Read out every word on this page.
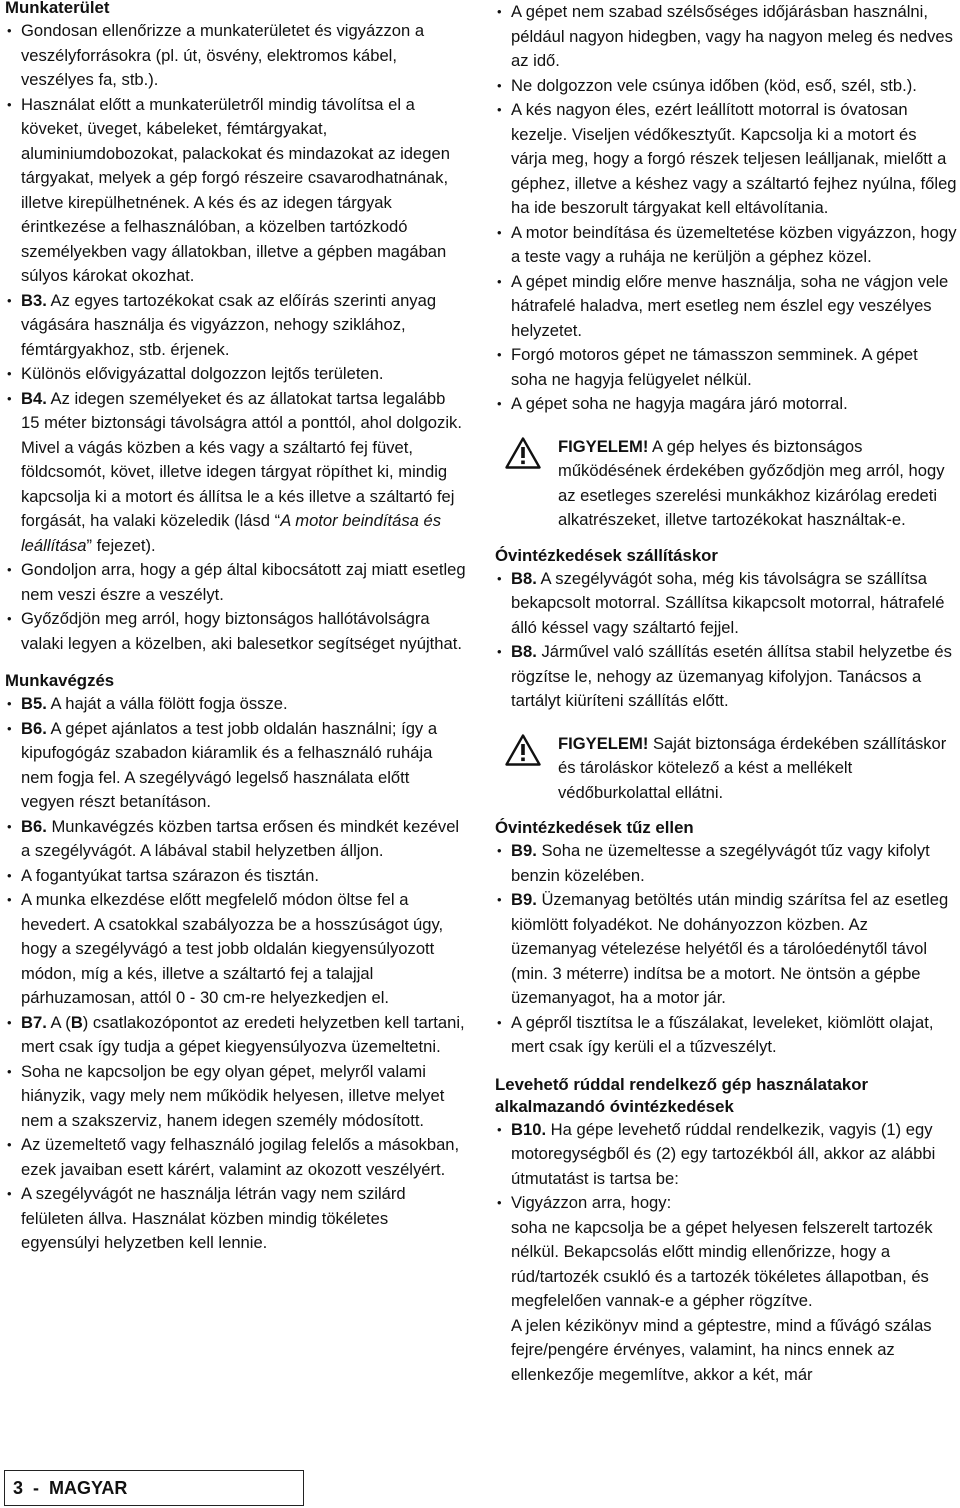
Munkaterület
• Gondosan ellenőrizze a munkaterületet és vigyázzon a veszélyforrásokra (pl. út, ösvény, elektromos kábel, veszélyes fa, stb.).
• Használat előtt a munkaterületről mindig távolítsa el a köveket, üveget, kábeleket, fémtárgyakat, aluminiumdobozokat, palackokat és mindazokat az idegen tárgyakat, melyek a gép forgó részeire csavarodhatnának, illetve kirepülhetnének. A kés és az idegen tárgyak érintkezése a felhasználóban, a közelben tartózkodó személyekben vagy állatokban, illetve a gépben magában súlyos károkat okozhat.
• B3. Az egyes tartozékokat csak az előírás szerinti anyag vágására használja és vigyázzon, nehogy sziklához, fémtárgyakhoz, stb. érjenek.
• Különös elővigyázattal dolgozzon lejtős területen.
• B4. Az idegen személyeket és az állatokat tartsa legalább 15 méter biztonsági távolságra attól a ponttól, ahol dolgozik. Mivel a vágás közben a kés vagy a száltartó fej füvet, földcsomót, követ, illetve idegen tárgyat röpíthet ki, mindig kapcsolja ki a motort és állítsa le a kés illetve a száltartó fej forgását, ha valaki közeledik (lásd “A motor beindítása és leállítása” fejezet).
• Gondoljon arra, hogy a gép által kibocsátott zaj miatt esetleg nem veszi észre a veszélyt.
• Győződjön meg arról, hogy biztonságos hallótávolságra valaki legyen a közelben, aki balesetkor segítséget nyújthat.
Munkavégzés
• B5. A haját a válla fölött fogja össze.
• B6. A gépet ajánlatos a test jobb oldalán használni; így a kipufogógáz szabadon kiáramlik és a felhasználó ruhája nem fogja fel. A szegélyvágó legelső használata előtt vegyen részt betanításon.
• B6. Munkavégzés közben tartsa erősen és mindkét kezével a szegélyvágót. A lábával stabil helyzetben álljon.
• A fogantyúkat tartsa szárazon és tisztán.
• A munka elkezdése előtt megfelelő módon öltse fel a hevedert. A csatokkal szabályozza be a hosszúságot úgy, hogy a szegélyvágó a test jobb oldalán kiegyensúlyozott módon, míg a kés, illetve a száltartó fej a talajjal párhuzamosan, attól 0 - 30 cm-re helyezkedjen el.
• B7. A (B) csatlakozópontot az eredeti helyzetben kell tartani, mert csak így tudja a gépet kiegyensúlyozva üzemeltetni.
• Soha ne kapcsoljon be egy olyan gépet, melyről valami hiányzik, vagy mely nem működik helyesen, illetve melyet nem a szakszerviz, hanem idegen személy módosított.
• Az üzemeltető vagy felhasználó jogilag felelős a másokban, ezek javaiban esett kárért, valamint az okozott veszélyért.
• A szegélyvágót ne használja létrán vagy nem szilárd felületen állva. Használat közben mindig tökéletes egyensúlyi helyzetben kell lennie.
• A gépet nem szabad szélsőséges időjárásban használni, például nagyon hidegben, vagy ha nagyon meleg és nedves az idő.
• Ne dolgozzon vele csúnya időben (köd, eső, szél, stb.).
• A kés nagyon éles, ezért leállított motorral is óvatosan kezelje. Viseljen védőkesztyűt. Kapcsolja ki a motort és várja meg, hogy a forgó részek teljesen leálljanak, mielőtt a géphez, illetve a késhez vagy a száltartó fejhez nyúlna, főleg ha ide beszorult tárgyakat kell eltávolítania.
• A motor beindítása és üzemeltetése közben vigyázzon, hogy a teste vagy a ruhája ne kerüljön a géphez közel.
• A gépet mindig előre menve használja, soha ne vágjon vele hátrafelé haladva, mert esetleg nem észlel egy veszélyes helyzetet.
• Forgó motoros gépet ne támasszon semminek. A gépet soha ne hagyja felügyelet nélkül.
• A gépet soha ne hagyja magára járó motorral.
FIGYELEM! A gép helyes és biztonságos működésének érdekében győződjön meg arról, hogy az esetleges szerelési munkákhoz kizárólag eredeti alkatrészeket, illetve tartozékokat használtak-e.
Óvintézkedések szállításkor
• B8. A szegélyvágót soha, még kis távolságra se szállítsa bekapcsolt motorral. Szállítsa kikapcsolt motorral, hátrafelé álló késsel vagy száltartó fejjel.
• B8. Járművel való szállítás esetén állítsa stabil helyzetbe és rögzítse le, nehogy az üzemanyag kifolyjon. Tanácsos a tartályt kiüríteni szállítás előtt.
FIGYELEM! Saját biztonsága érdekében szállításkor és tároláskor kötelező a kést a mellékelt védőburkolattal ellátni.
Óvintézkedések tűz ellen
• B9. Soha ne üzemeltesse a szegélyvágót tűz vagy kifolyt benzin közelében.
• B9. Üzemanyag betöltés után mindig szárítsa fel az esetleg kiömlött folyadékot. Ne dohányozzon közben. Az üzemanyag vételezése helyétől és a tárolóedénytől távol (min. 3 méterre) indítsa be a motort. Ne öntsön a gépbe üzemanyagot, ha a motor jár.
• A gépről tisztítsa le a fűszálakat, leveleket, kiömlött olajat, mert csak így kerüli el a tűzveszélyt.
Levehető rúddal rendelkező gép használatakor alkalmazandó óvintézkedések
• B10. Ha gépe levehető rúddal rendelkezik, vagyis (1) egy motoregységből és (2) egy tartozékból áll, akkor az alábbi útmutatást is tartsa be:
• Vigyázzon arra, hogy:
soha ne kapcsolja be a gépet helyesen felszerelt tartozék nélkül. Bekapcsolás előtt mindig ellenőrizze, hogy a rúd/tartozék csukló és a tartozék tökéletes állapotban, és megfelelően vannak-e a gépher rögzítve.
A jelen kézikönyv mind a géptestre, mind a fűvágó szálas fejre/pengére érvényes, valamint, ha nincs ennek az ellenkezője megemlítve, akkor a két, már
3  -  MAGYAR
